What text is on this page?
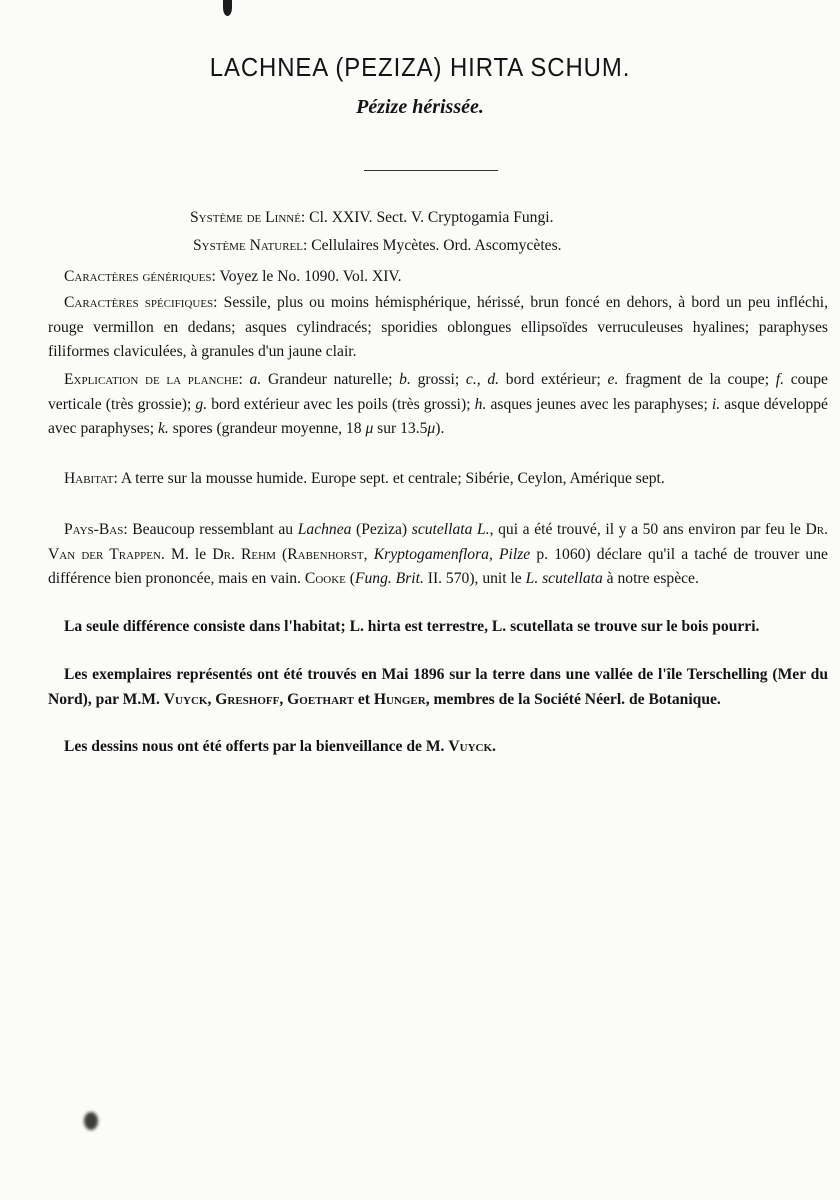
LACHNEA (PEZIZA) HIRTA SCHUM.

Pézize hérissée.

Système de Linné: Cl. XXIV. Sect. V. Cryptogamia Fungi.

Système Naturel: Cellulaires Mycètes. Ord. Ascomycètes.

Caractères génériques: Voyez le No. 1090. Vol. XIV.

Caractères spécifiques: Sessile, plus ou moins hémisphérique, hérissé, brun foncé en dehors, à bord un peu infléchi, rouge vermillon en dedans; asques cylindracés; sporidies oblongues ellipsoïdes verruculeuses hyalines; paraphyses filiformes claviculées, à granules d'un jaune clair.

Explication de la planche: a. Grandeur naturelle; b. grossi; c., d. bord extérieur; e. fragment de la coupe; f. coupe verticale (très grossie); g. bord extérieur avec les poils (très grossi); h. asques jeunes avec les paraphyses; i. asque développé avec paraphyses; k. spores (grandeur moyenne, 18 μ sur 13.5μ).

Habitat: A terre sur la mousse humide. Europe sept. et centrale; Sibérie, Ceylon, Amérique sept.

Pays-Bas: Beaucoup ressemblant au Lachnea (Peziza) scutellata L., qui a été trouvé, il y a 50 ans environ par feu le Dr. Van der Trappen. M. le Dr. Rehm (Rabenhorst, Kryptogamenflora, Pilze p. 1060) déclare qu'il a taché de trouver une différence bien prononcée, mais en vain. Cooke (Fung. Brit. II. 570), unit le L. scutellata à notre espèce.

La seule différence consiste dans l'habitat; L. hirta est terrestre, L. scutellata se trouve sur le bois pourri.

Les exemplaires représentés ont été trouvés en Mai 1896 sur la terre dans une vallée de l'île Terschelling (Mer du Nord), par M.M. Vuyck, Greshoff, Goethart et Hunger, membres de la Société Néerl. de Botanique.

Les dessins nous ont été offerts par la bienveillance de M. Vuyck.
